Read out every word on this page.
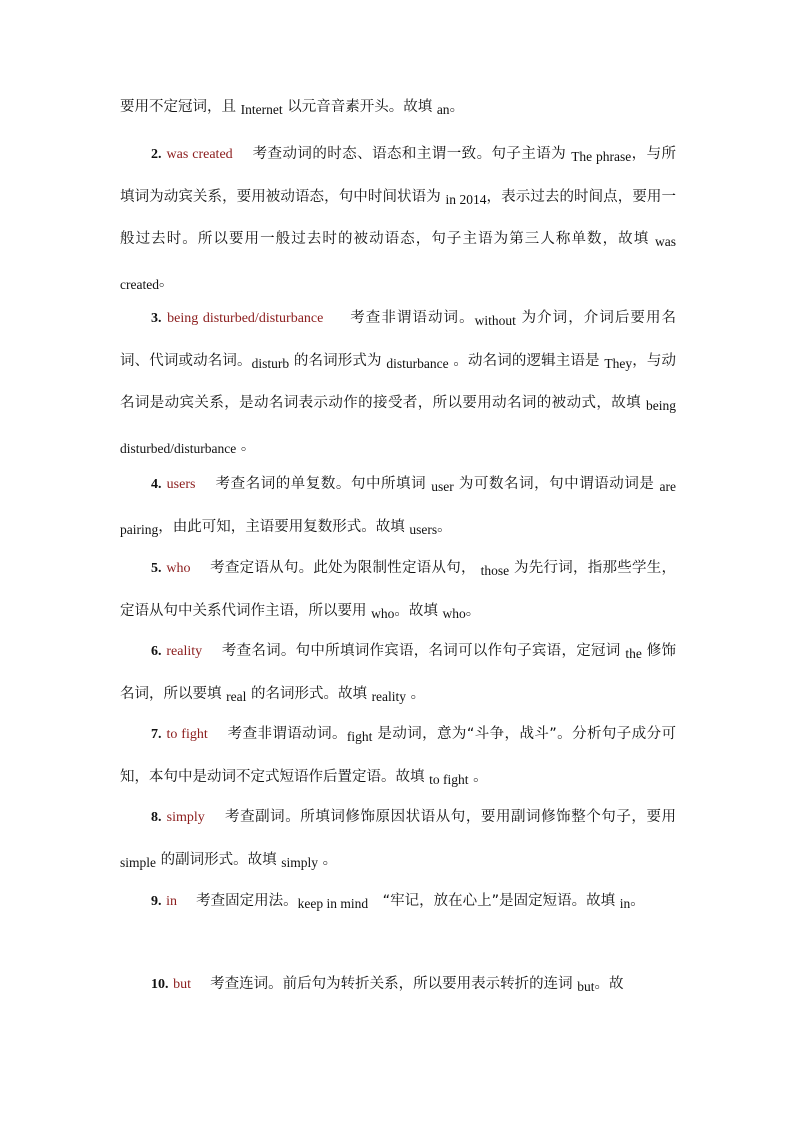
要用不定冠词，且 Internet 以元音音素开头。故填 an。

2. was created 　考查动词的时态、语态和主谓一致。句子主语为 The phrase，与所填词为动宾关系，要用被动语态，句中时间状语为 in 2014，表示过去的时间点，要用一般过去时。所以要用一般过去时的被动语态，句子主语为第三人称单数，故填 was created。

3. being disturbed/disturbance 　 考查非谓语动词。without 为介词，介词后要用名词、代词或动名词。disturb 的名词形式为 disturbance 。动名词的逻辑主语是 They，与动名词是动宾关系，是动名词表示动作的接受者，所以要用动名词的被动式，故填 being disturbed/disturbance 。

4. users 　考查名词的单复数。句中所填词 user 为可数名词，句中谓语动词是 are pairing，由此可知，主语要用复数形式。故填 users。

5. who 　考查定语从句。此处为限制性定语从句， those 为先行词，指那些学生，定语从句中关系代词作主语，所以要用 who。故填 who。

6. reality 　考查名词。句中所填词作宾语，名词可以作句子宾语，定冠词 the 修饰名词，所以要填 real 的名词形式。故填 reality 。

7. to fight 　考查非谓语动词。fight 是动词，意为“斗争，战斗”。分析句子成分可知，本句中是动词不定式短语作后置定语。故填 to fight 。

8. simply 　考查副词。所填词修饰原因状语从句，要用副词修饰整个句子，要用 simple 的副词形式。故填 simply 。

9. in 　考查固定用法。keep in mind　“牢记，放在心上”是固定短语。故填 in。

10. but 　考查连词。前后句为转折关系，所以要用表示转折的连词 but。故
